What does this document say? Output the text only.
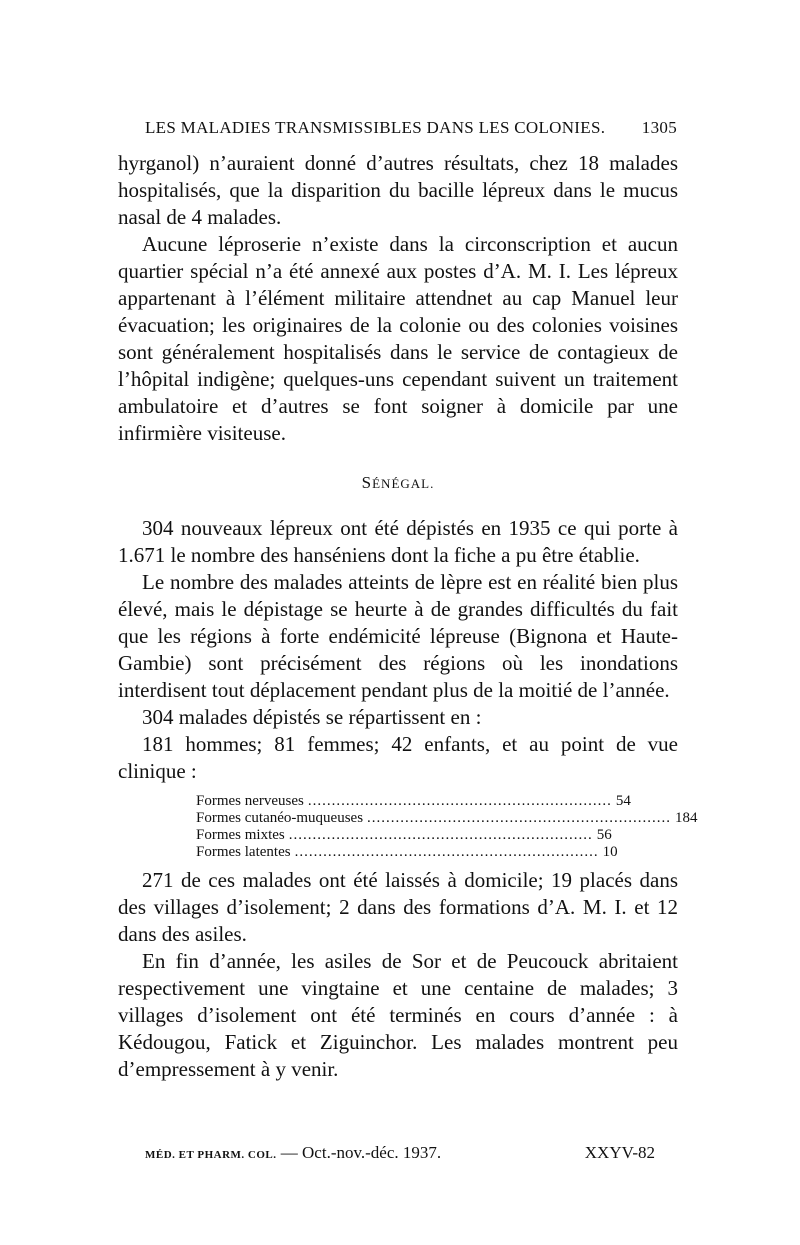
LES MALADIES TRANSMISSIBLES DANS LES COLONIES. 1305

hyrganol) n’auraient donné d’autres résultats, chez 18 malades hospitalisés, que la disparition du bacille lépreux dans le mucus nasal de 4 malades.

Aucune léproserie n’existe dans la circonscription et aucun quartier spécial n’a été annexé aux postes d’A. M. I. Les lépreux appartenant à l’élément militaire attendnet au cap Manuel leur évacuation; les originaires de la colonie ou des colonies voisines sont généralement hospitalisés dans le service de contagieux de l’hôpital indigène; quelques-uns cependant suivent un traitement ambulatoire et d’autres se font soigner à domicile par une infirmière visiteuse.

SÉNÉGAL.

304 nouveaux lépreux ont été dépistés en 1935 ce qui porte à 1.671 le nombre des hanséniens dont la fiche a pu être établie.

Le nombre des malades atteints de lèpre est en réalité bien plus élevé, mais le dépistage se heurte à de grandes difficultés du fait que les régions à forte endémicité lépreuse (Bignona et Haute-Gambie) sont précisément des régions où les inondations interdisent tout déplacement pendant plus de la moitié de l’année.

304 malades dépistés se répartissent en :

181 hommes; 81 femmes; 42 enfants, et au point de vue clinique :

Formes nerveuses ................................................................ 54
Formes cutanéo-muqueuses ................................................................ 184
Formes mixtes ................................................................ 56
Formes latentes ................................................................ 10

271 de ces malades ont été laissés à domicile; 19 placés dans des villages d’isolement; 2 dans des formations d’A. M. I. et 12 dans des asiles.

En fin d’année, les asiles de Sor et de Peucouck abritaient respectivement une vingtaine et une centaine de malades; 3 villages d’isolement ont été terminés en cours d’année : à Kédougou, Fatick et Ziguinchor. Les malades montrent peu d’empressement à y venir.

MÉD. ET PHARM. COL. — Oct.-nov.-déc. 1937.	XXYV-82
